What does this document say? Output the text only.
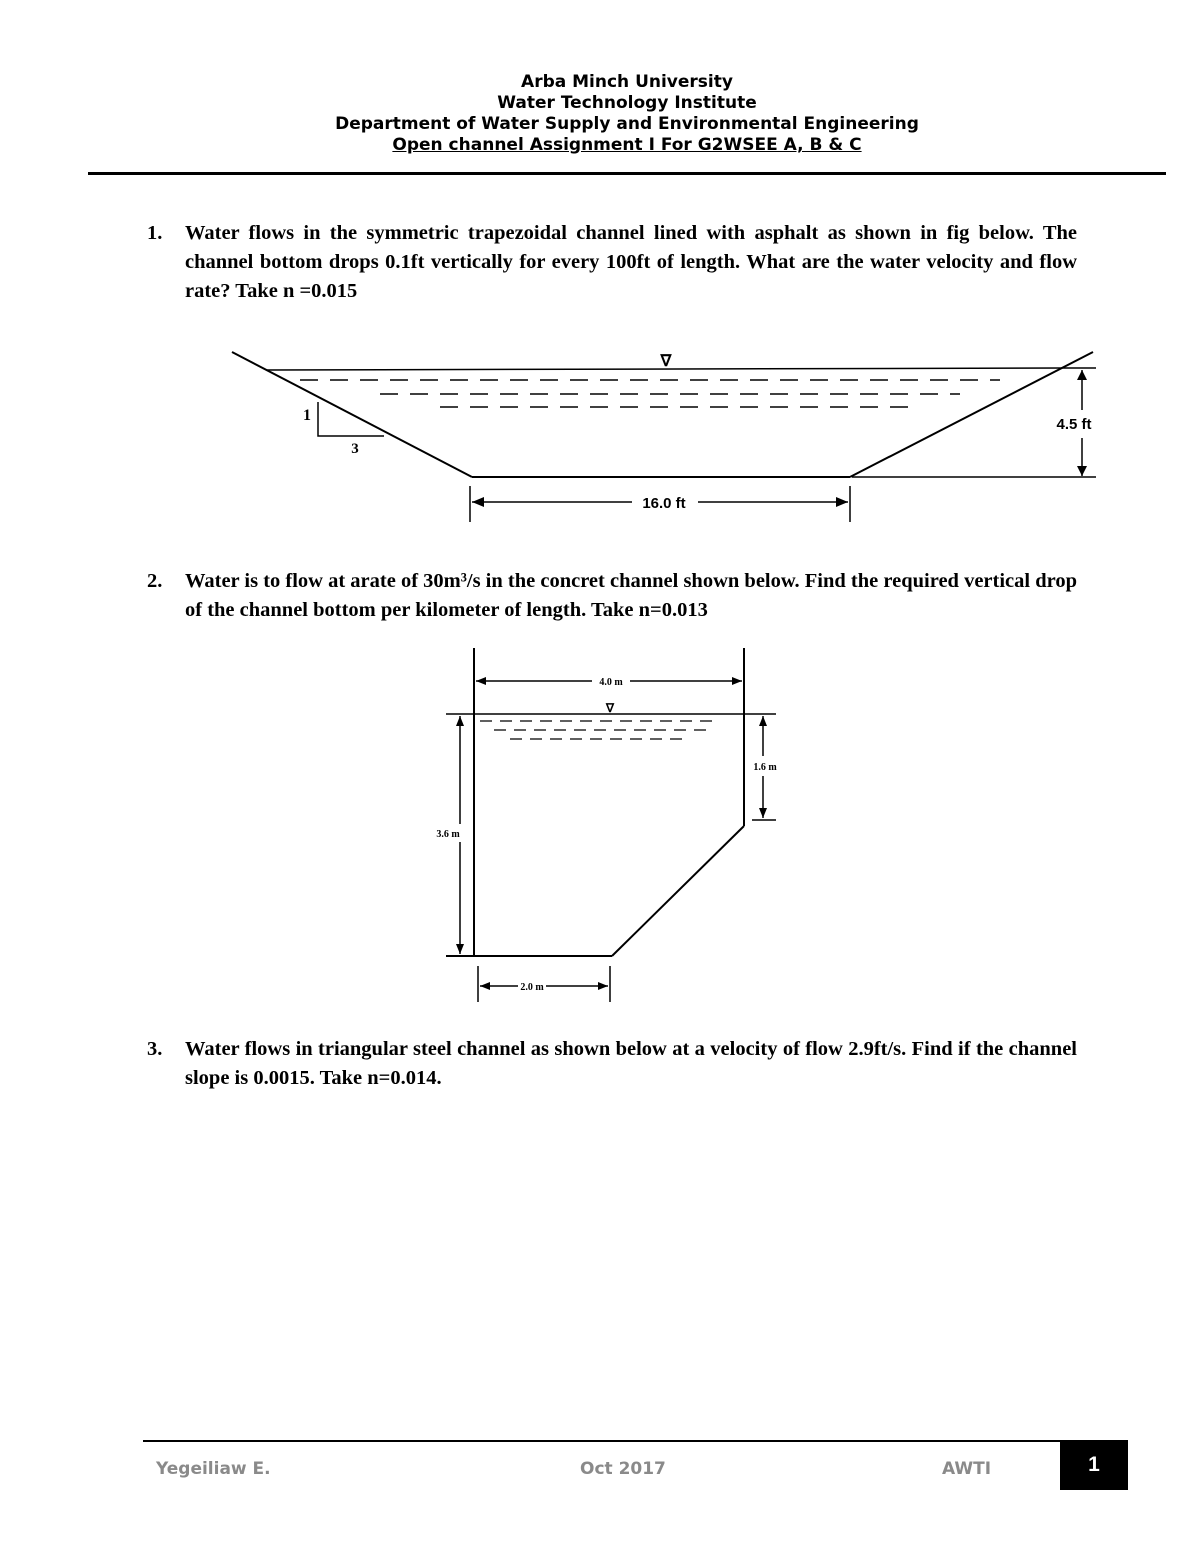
Arba Minch University
Water Technology Institute
Department of Water Supply and Environmental Engineering
Open channel Assignment I For G2WSEE A, B & C
1.	Water flows in the symmetric trapezoidal channel lined with asphalt as shown in fig below. The channel bottom drops 0.1ft vertically for every 100ft of length. What are the water velocity and flow rate? Take n =0.015
∇
1
3
4.5 ft
16.0 ft
∇
4.0 m
1.6 m
3.6 m
2.0 m
2.	Water is to flow at arate of 30m³/s in the concret channel shown below. Find the required vertical drop of the channel bottom per kilometer of length. Take n=0.013
3.	Water flows in triangular steel channel as shown below at a velocity of flow 2.9ft/s. Find if the channel slope is 0.0015. Take n=0.014.
Yegeiliaw E.	Oct 2017	AWTI	1
